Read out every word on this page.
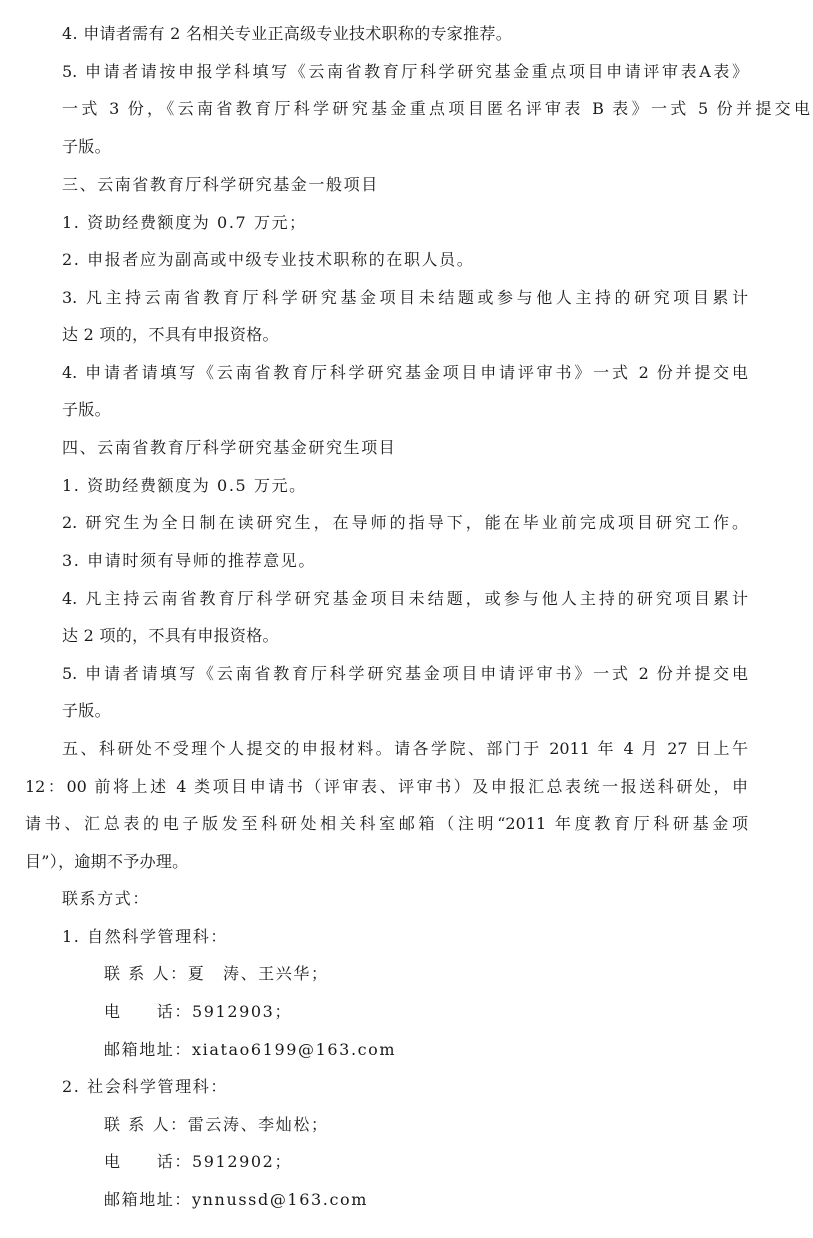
4. 申请者需有 2 名相关专业正高级专业技术职称的专家推荐。
5. 申请者请按申报学科填写《云南省教育厅科学研究基金重点项目申请评审表A表》
一式 3 份，《云南省教育厅科学研究基金重点项目匿名评审表 B 表》一式 5 份并提交电
子版。
三、云南省教育厅科学研究基金一般项目
1. 资助经费额度为 0.7 万元；
2. 申报者应为副高或中级专业技术职称的在职人员。
3. 凡主持云南省教育厅科学研究基金项目未结题或参与他人主持的研究项目累计
达 2 项的，不具有申报资格。
4. 申请者请填写《云南省教育厅科学研究基金项目申请评审书》一式 2 份并提交电
子版。
四、云南省教育厅科学研究基金研究生项目
1. 资助经费额度为 0.5 万元。
2. 研究生为全日制在读研究生，在导师的指导下，能在毕业前完成项目研究工作。
3. 申请时须有导师的推荐意见。
4. 凡主持云南省教育厅科学研究基金项目未结题，或参与他人主持的研究项目累计
达 2 项的，不具有申报资格。
5. 申请者请填写《云南省教育厅科学研究基金项目申请评审书》一式 2 份并提交电
子版。
五、科研处不受理个人提交的申报材料。请各学院、部门于 2011 年 4 月 27 日上午
12：00 前将上述 4 类项目申请书（评审表、评审书）及申报汇总表统一报送科研处，申
请书、汇总表的电子版发至科研处相关科室邮箱（注明“2011 年度教育厅科研基金项
目”），逾期不予办理。
联系方式：
1. 自然科学管理科：
联 系 人：夏　涛、王兴华；
电　　话：5912903；
邮箱地址：xiatao6199@163.com
2. 社会科学管理科：
联 系 人：雷云涛、李灿松；
电　　话：5912902；
邮箱地址：ynnussd@163.com
